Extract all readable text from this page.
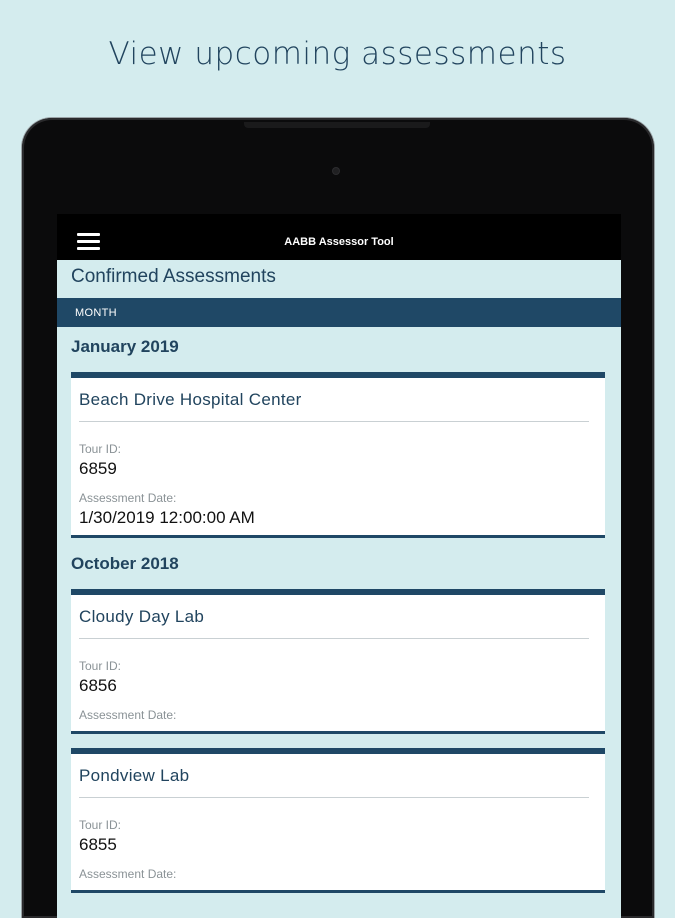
View upcoming assessments
AABB Assessor Tool
Confirmed Assessments
MONTH
January 2019
Beach Drive Hospital Center
Tour ID:
6859
Assessment Date:
1/30/2019 12:00:00 AM
October 2018
Cloudy Day Lab
Tour ID:
6856
Assessment Date:
Pondview Lab
Tour ID:
6855
Assessment Date:
